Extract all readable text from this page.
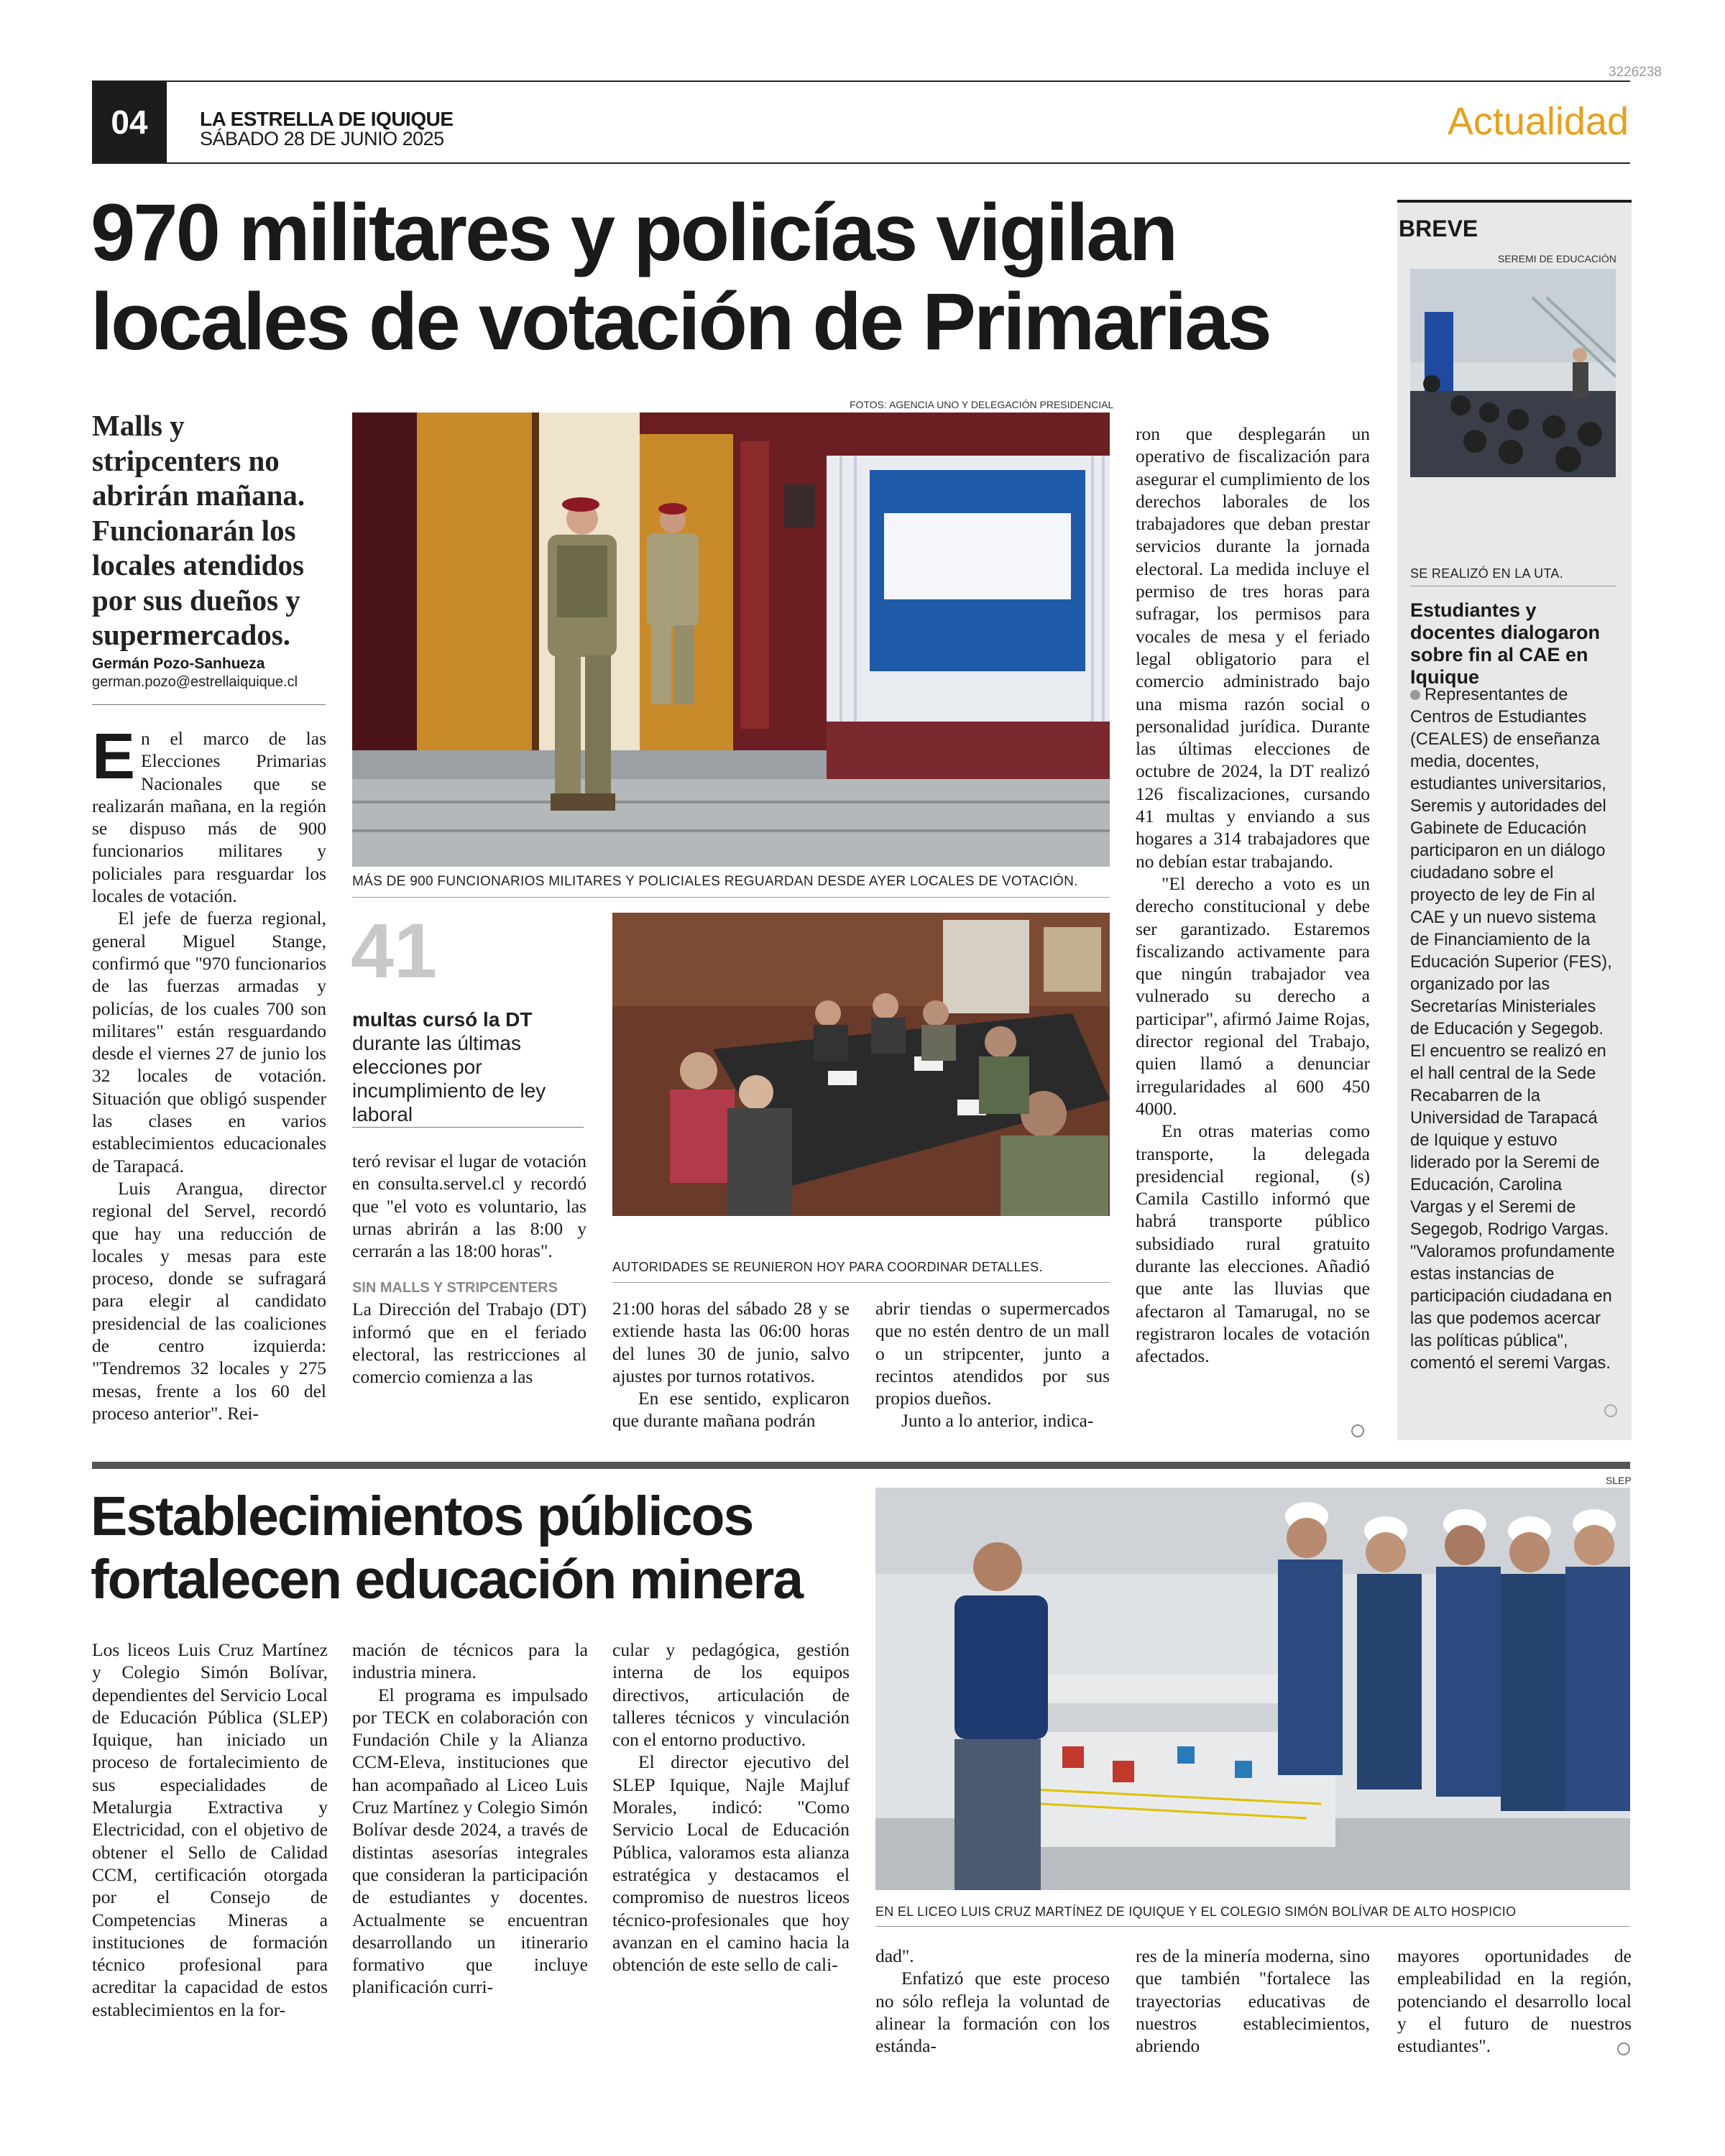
3226238
04	LA ESTRELLA DE IQUIQUE
SÁBADO 28 DE JUNIO 2025	Actualidad
970 militares y policías vigilan
locales de votación de Primarias
Malls y stripcenters no abrirán mañana. Funcionarán los locales atendidos por sus dueños y supermercados.
Germán Pozo-Sanhueza
german.pozo@estrellaiquique.cl

En el marco de las Elecciones Primarias Nacionales que se realizarán mañana, en la región se dispuso más de 900 funcionarios militares y policiales para resguardar los locales de votación.

El jefe de fuerza regional, general Miguel Stange, confirmó que "970 funcionarios de las fuerzas armadas y policías, de los cuales 700 son militares" están resguardando desde el viernes 27 de junio los 32 locales de votación. Situación que obligó suspender las clases en varios establecimientos educacionales de Tarapacá.

Luis Arangua, director regional del Servel, recordó que hay una reducción de locales y mesas para este proceso, donde se sufragará para elegir al candidato presidencial de las coaliciones de centro izquierda: "Tendremos 32 locales y 275 mesas, frente a los 60 del proceso anterior". Rei-

FOTOS: AGENCIA UNO Y DELEGACIÓN PRESIDENCIAL
MÁS DE 900 FUNCIONARIOS MILITARES Y POLICIALES REGUARDAN DESDE AYER LOCALES DE VOTACIÓN.
41
multas cursó la DT durante las últimas elecciones por incumplimiento de ley laboral

teró revisar el lugar de votación en consulta.servel.cl y recordó que "el voto es voluntario, las urnas abrirán a las 8:00 y cerrarán a las 18:00 horas".

SIN MALLS Y STRIPCENTERS

La Dirección del Trabajo (DT) informó que en el feriado electoral, las restricciones al comercio comienza a las

AUTORIDADES SE REUNIERON HOY PARA COORDINAR DETALLES.

21:00 horas del sábado 28 y se extiende hasta las 06:00 horas del lunes 30 de junio, salvo ajustes por turnos rotativos.

En ese sentido, explicaron que durante mañana podrán

abrir tiendas o supermercados que no estén dentro de un mall o un stripcenter, junto a recintos atendidos por sus propios dueños.

Junto a lo anterior, indica-

ron que desplegarán un operativo de fiscalización para asegurar el cumplimiento de los derechos laborales de los trabajadores que deban prestar servicios durante la jornada electoral. La medida incluye el permiso de tres horas para sufragar, los permisos para vocales de mesa y el feriado legal obligatorio para el comercio administrado bajo una misma razón social o personalidad jurídica. Durante las últimas elecciones de octubre de 2024, la DT realizó 126 fiscalizaciones, cursando 41 multas y enviando a sus hogares a 314 trabajadores que no debían estar trabajando.

"El derecho a voto es un derecho constitucional y debe ser garantizado. Estaremos fiscalizando activamente para que ningún trabajador vea vulnerado su derecho a participar", afirmó Jaime Rojas, director regional del Trabajo, quien llamó a denunciar irregularidades al 600 450 4000.

En otras materias como transporte, la delegada presidencial regional, (s) Camila Castillo informó que habrá transporte público subsidiado rural gratuito durante las elecciones. Añadió que ante las lluvias que afectaron al Tamarugal, no se registraron locales de votación afectados.

BREVE
SEREMI DE EDUCACIÓN
SE REALIZÓ EN LA UTA.
Estudiantes y docentes dialogaron sobre fin al CAE en Iquique
Representantes de Centros de Estudiantes (CEALES) de enseñanza media, docentes, estudiantes universitarios, Seremis y autoridades del Gabinete de Educación participaron en un diálogo ciudadano sobre el proyecto de ley de Fin al CAE y un nuevo sistema de Financiamiento de la Educación Superior (FES), organizado por las Secretarías Ministeriales de Educación y Segegob. El encuentro se realizó en el hall central de la Sede Recabarren de la Universidad de Tarapacá de Iquique y estuvo liderado por la Seremi de Educación, Carolina Vargas y el Seremi de Segegob, Rodrigo Vargas. "Valoramos profundamente estas instancias de participación ciudadana en las que podemos acercar las políticas pública", comentó el seremi Vargas.
Establecimientos públicos
fortalecen educación minera
SLEP
EN EL LICEO LUIS CRUZ MARTÍNEZ DE IQUIQUE Y EL COLEGIO SIMÓN BOLÍVAR DE ALTO HOSPICIO

Los liceos Luis Cruz Martínez y Colegio Simón Bolívar, dependientes del Servicio Local de Educación Pública (SLEP) Iquique, han iniciado un proceso de fortalecimiento de sus especialidades de Metalurgia Extractiva y Electricidad, con el objetivo de obtener el Sello de Calidad CCM, certificación otorgada por el Consejo de Competencias Mineras a instituciones de formación técnico profesional para acreditar la capacidad de estos establecimientos en la for-

mación de técnicos para la industria minera.

El programa es impulsado por TECK en colaboración con Fundación Chile y la Alianza CCM-Eleva, instituciones que han acompañado al Liceo Luis Cruz Martínez y Colegio Simón Bolívar desde 2024, a través de distintas asesorías integrales que consideran la participación de estudiantes y docentes. Actualmente se encuentran desarrollando un itinerario formativo que incluye planificación curri-

cular y pedagógica, gestión interna de los equipos directivos, articulación de talleres técnicos y vinculación con el entorno productivo.

El director ejecutivo del SLEP Iquique, Najle Majluf Morales, indicó: "Como Servicio Local de Educación Pública, valoramos esta alianza estratégica y destacamos el compromiso de nuestros liceos técnico-profesionales que hoy avanzan en el camino hacia la obtención de este sello de cali-	dad".

Enfatizó que este proceso no sólo refleja la voluntad de alinear la formación con los estánda-

res de la minería moderna, sino que también "fortalece las trayectorias educativas de nuestros establecimientos, abriendo

mayores oportunidades de empleabilidad en la región, potenciando el desarrollo local y el futuro de nuestros estudiantes".
